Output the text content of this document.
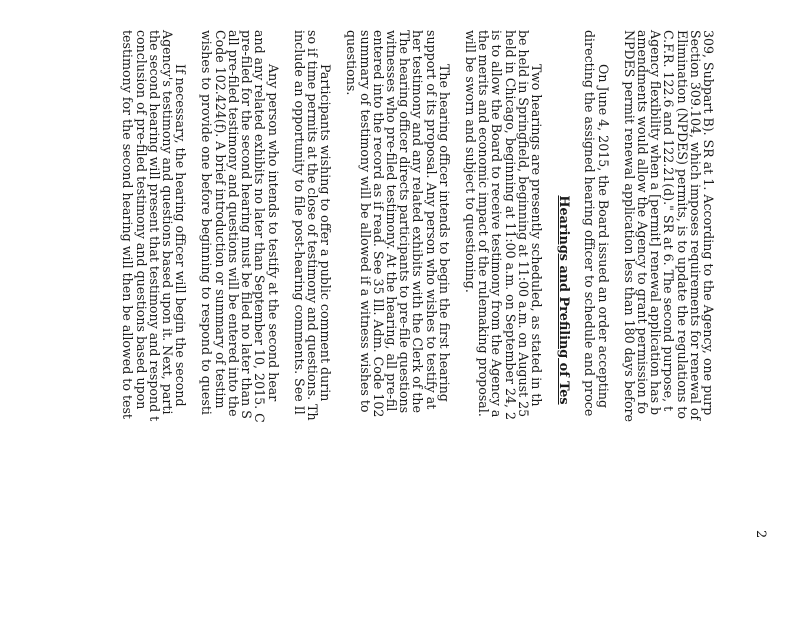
2

309, Subpart B). SR at 1. According to the Agency, one purp
Section 309.104, which imposes requirements for renewal of
Elimination (NPDES) permits, is to update the regulations to
C.F.R. 122.6 and 122.21(d)." SR at 6. The second purpose, t
Agency flexibility when a [permit] renewal application has b
amendments would allow the Agency to grant permission fo
NPDES permit renewal application less than 180 days before

On June 4, 2015, the Board issued an order accepting
directing the assigned hearing officer to schedule and proce

Hearings and Prefiling of Tes

Two hearings are presently scheduled, as stated in th
be held in Springfield, beginning at 11:00 a.m. on August 25
held in Chicago, beginning at 11:00 a.m. on September 24, 2
is to allow the Board to receive testimony from the Agency a
the merits and economic impact of the rulemaking proposal.
will be sworn and subject to questioning.

The hearing officer intends to begin the first hearing
support of its proposal. Any person who wishes to testify at
her testimony and any related exhibits with the Clerk of the
The hearing officer directs participants to pre-file questions
witnesses who pre-filed testimony. At the hearing, all pre-fil
entered into the record as if read. See 35 Ill. Adm. Code 102
summary of testimony will be allowed if a witness wishes to
questions.

Participants wishing to offer a public comment durin
so if time permits at the close of testimony and questions. Th
include an opportunity to file post-hearing comments. See Il

Any person who intends to testify at the second hear
and any related exhibits no later than September 10, 2015. C
pre-filed for the second hearing must be filed no later than S
all pre-filed testimony and questions will be entered into the
Code 102.424(f). A brief introduction or summary of testim
wishes to provide one before beginning to respond to questi

If necessary, the hearing officer will begin the second
Agency's testimony and questions based upon it. Next, parti
the second hearing will present that testimony and respond t
conclusion of pre-filed testimony and questions based upon
testimony for the second hearing will then be allowed to test
